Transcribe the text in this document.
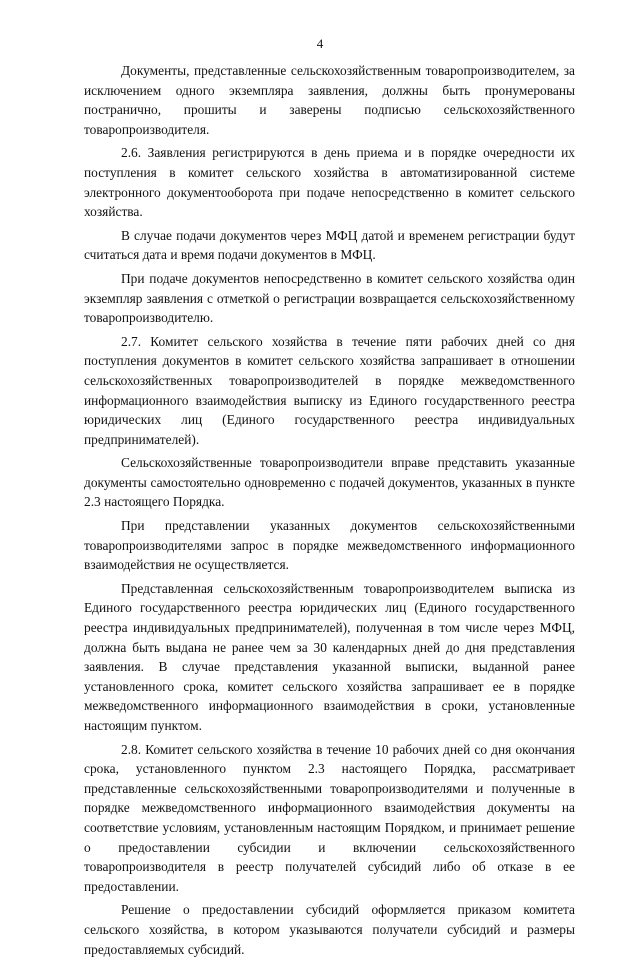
4

Документы, представленные сельскохозяйственным товаропроизводителем, за исключением одного экземпляра заявления, должны быть пронумерованы постранично, прошиты и заверены подписью сельскохозяйственного товаропроизводителя.

2.6. Заявления регистрируются в день приема и в порядке очередности их поступления в комитет сельского хозяйства в автоматизированной системе электронного документооборота при подаче непосредственно в комитет сельского хозяйства.

В случае подачи документов через МФЦ датой и временем регистрации будут считаться дата и время подачи документов в МФЦ.

При подаче документов непосредственно в комитет сельского хозяйства один экземпляр заявления с отметкой о регистрации возвращается сельскохозяйственному товаропроизводителю.

2.7. Комитет сельского хозяйства в течение пяти рабочих дней со дня поступления документов в комитет сельского хозяйства запрашивает в отношении сельскохозяйственных товаропроизводителей в порядке межведомственного информационного взаимодействия выписку из Единого государственного реестра юридических лиц (Единого государственного реестра индивидуальных предпринимателей).

Сельскохозяйственные товаропроизводители вправе представить указанные документы самостоятельно одновременно с подачей документов, указанных в пункте 2.3 настоящего Порядка.

При представлении указанных документов сельскохозяйственными товаропроизводителями запрос в порядке межведомственного информационного взаимодействия не осуществляется.

Представленная сельскохозяйственным товаропроизводителем выписка из Единого государственного реестра юридических лиц (Единого государственного реестра индивидуальных предпринимателей), полученная в том числе через МФЦ, должна быть выдана не ранее чем за 30 календарных дней до дня представления заявления. В случае представления указанной выписки, выданной ранее установленного срока, комитет сельского хозяйства запрашивает ее в порядке межведомственного информационного взаимодействия в сроки, установленные настоящим пунктом.

2.8. Комитет сельского хозяйства в течение 10 рабочих дней со дня окончания срока, установленного пунктом 2.3 настоящего Порядка, рассматривает представленные сельскохозяйственными товаропроизводителями и полученные в порядке межведомственного информационного взаимодействия документы на соответствие условиям, установленным настоящим Порядком, и принимает решение о предоставлении субсидии и включении сельскохозяйственного товаропроизводителя в реестр получателей субсидий либо об отказе в ее предоставлении.

Решение о предоставлении субсидий оформляется приказом комитета сельского хозяйства, в котором указываются получатели субсидий и размеры предоставляемых субсидий.
